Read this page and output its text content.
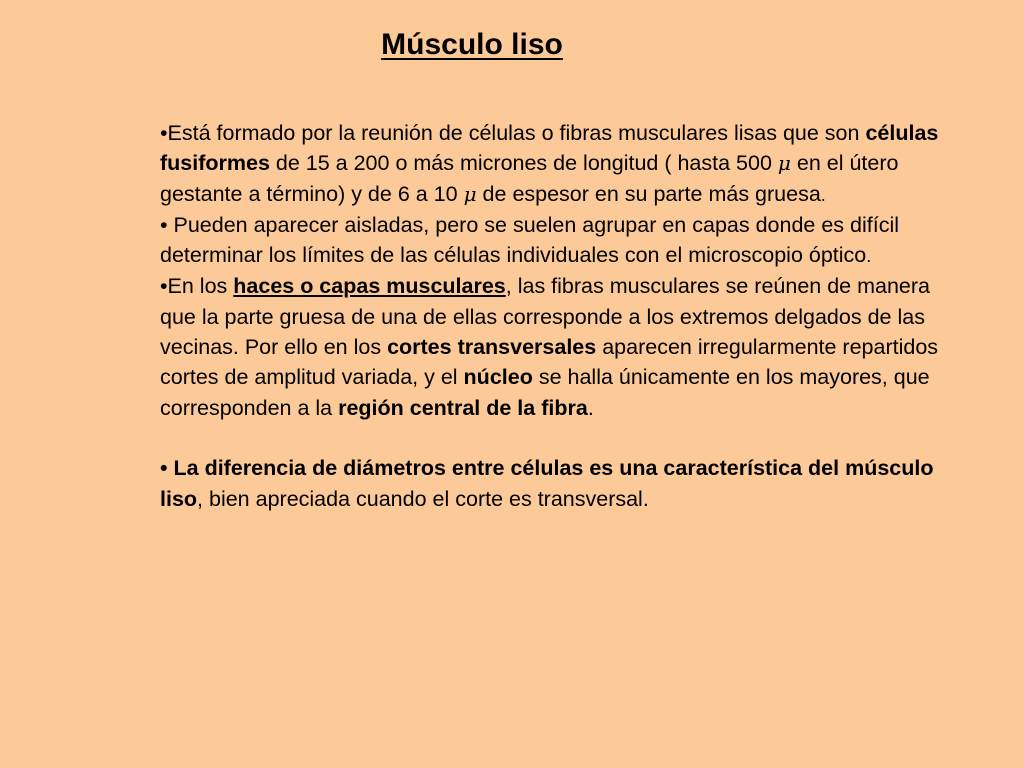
Músculo liso

•Está formado por la reunión de células o fibras musculares lisas que son células fusiformes de 15 a 200 o más micrones de longitud ( hasta 500 μ en el útero gestante a término) y de 6 a 10 μ de espesor en su parte más gruesa.

• Pueden aparecer aisladas, pero se suelen agrupar en capas donde es difícil determinar los límites de las células individuales con el microscopio óptico.

•En los haces o capas musculares, las fibras musculares se reúnen de manera que la parte gruesa de una de ellas corresponde a los extremos delgados de las vecinas. Por ello en los cortes transversales aparecen irregularmente repartidos cortes de amplitud variada, y el núcleo se halla únicamente en los mayores, que corresponden a la región central de la fibra.

• La diferencia de diámetros entre células es una característica del músculo liso, bien apreciada cuando el corte es transversal.
